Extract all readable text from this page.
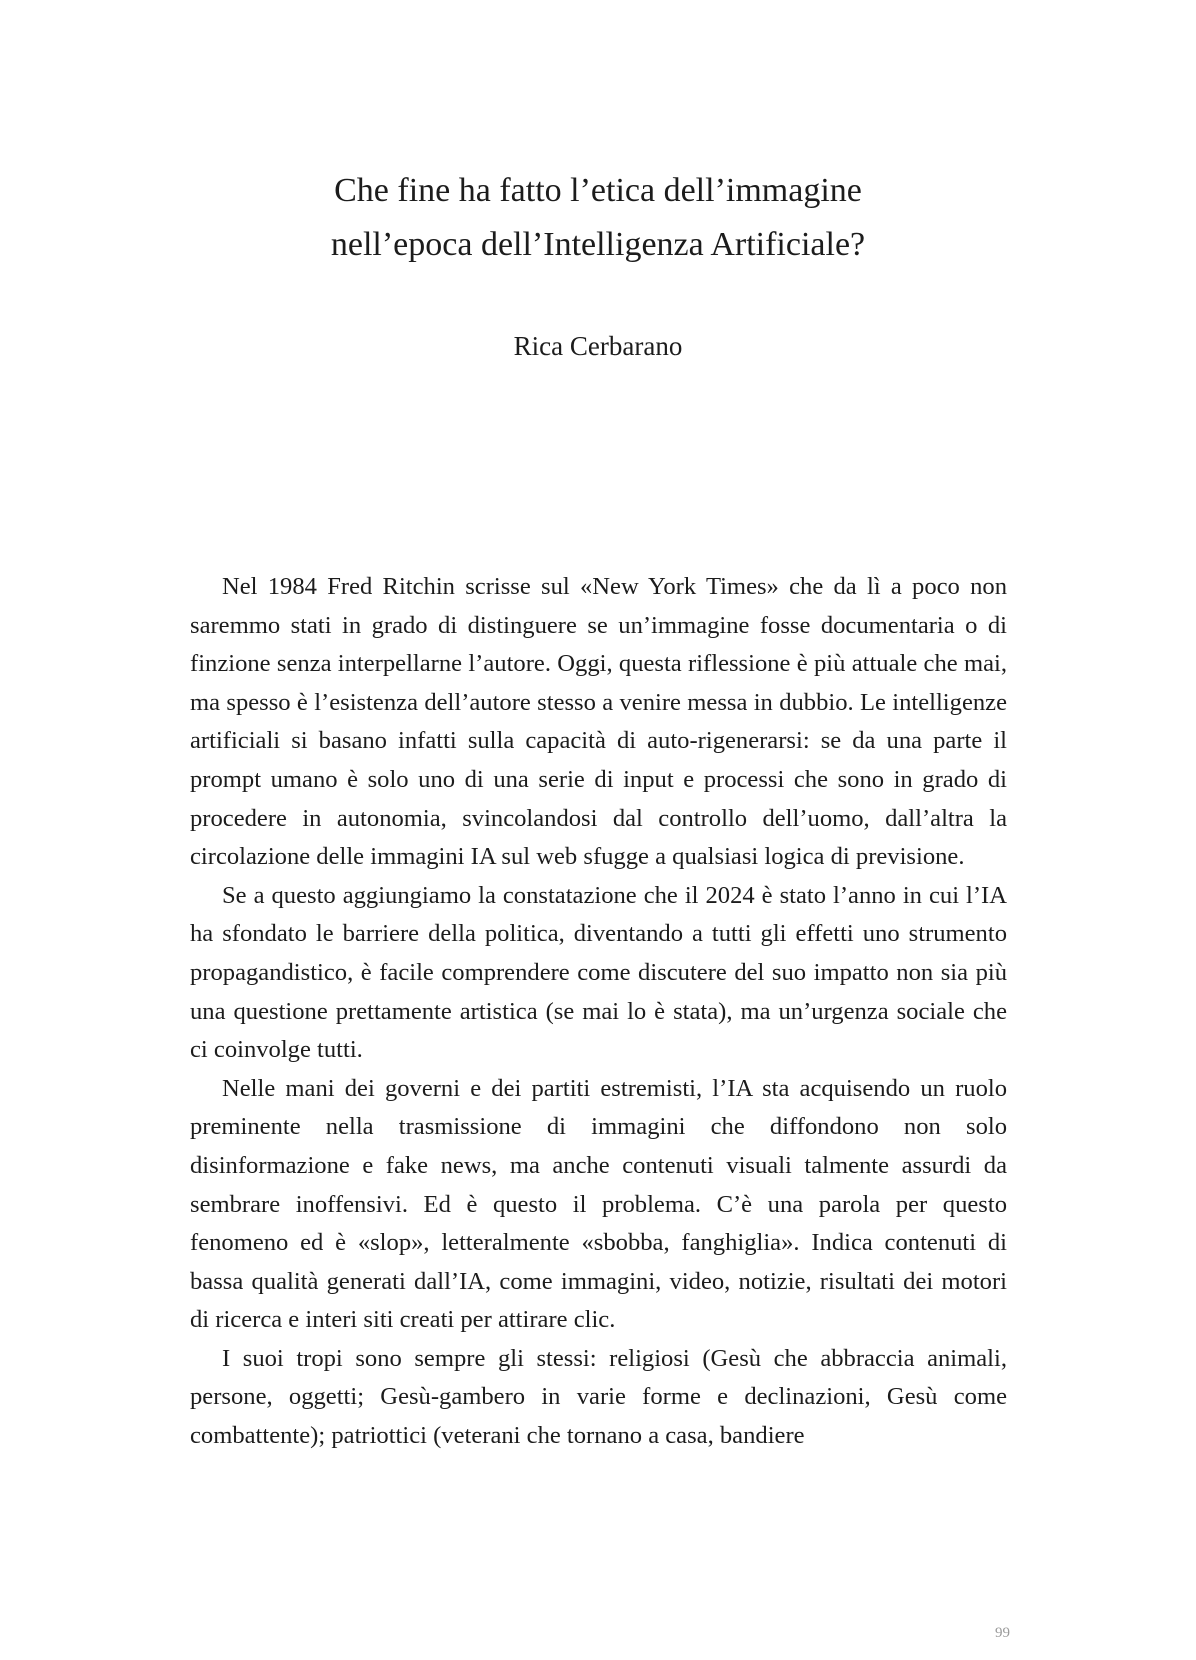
Che fine ha fatto l’etica dell’immagine
nell’epoca dell’Intelligenza Artificiale?
Rica Cerbarano

Nel 1984 Fred Ritchin scrisse sul «New York Times» che da lì a poco non saremmo stati in grado di distinguere se un’immagine fosse documentaria o di finzione senza interpellarne l’autore. Oggi, questa riflessione è più attuale che mai, ma spesso è l’esistenza dell’autore stesso a venire messa in dubbio. Le intelligenze artificiali si basano infatti sulla capacità di auto-rigenerarsi: se da una parte il prompt umano è solo uno di una serie di input e processi che sono in grado di procedere in autonomia, svincolandosi dal controllo dell’uomo, dall’altra la circolazione delle immagini IA sul web sfugge a qualsiasi logica di previsione.

Se a questo aggiungiamo la constatazione che il 2024 è stato l’anno in cui l’IA ha sfondato le barriere della politica, diventando a tutti gli effetti uno strumento propagandistico, è facile comprendere come discutere del suo impatto non sia più una questione prettamente artistica (se mai lo è stata), ma un’urgenza sociale che ci coinvolge tutti.

Nelle mani dei governi e dei partiti estremisti, l’IA sta acquisendo un ruolo preminente nella trasmissione di immagini che diffondono non solo disinformazione e fake news, ma anche contenuti visuali talmente assurdi da sembrare inoffensivi. Ed è questo il problema. C’è una parola per questo fenomeno ed è «slop», letteralmente «sbobba, fanghiglia». Indica contenuti di bassa qualità generati dall’IA, come immagini, video, notizie, risultati dei motori di ricerca e interi siti creati per attirare clic.

I suoi tropi sono sempre gli stessi: religiosi (Gesù che abbraccia animali, persone, oggetti; Gesù-gambero in varie forme e declinazioni, Gesù come combattente); patriottici (veterani che tornano a casa, bandiere

99
